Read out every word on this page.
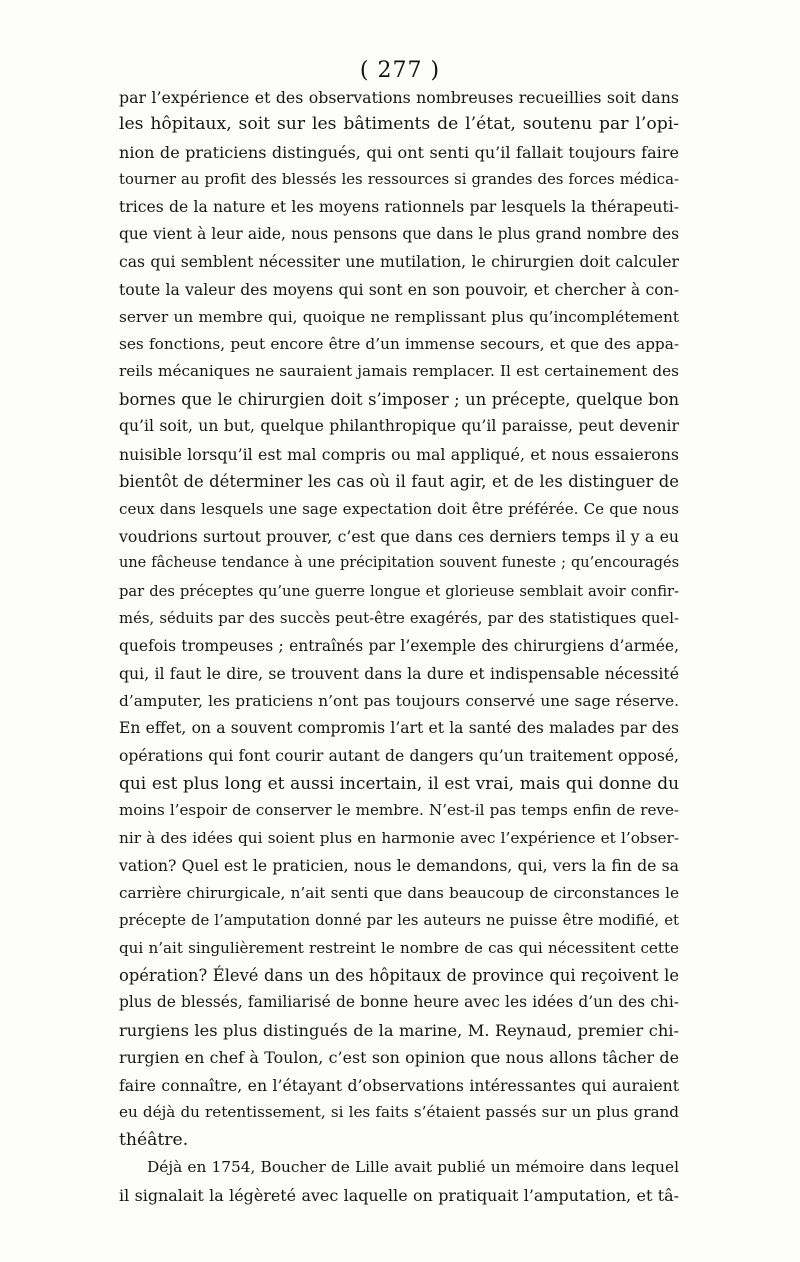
( 277 )
par l’expérience et des observations nombreuses recueillies soit dans
les hôpitaux, soit sur les bâtiments de l’état, soutenu par l’opi-
nion de praticiens distingués, qui ont senti qu’il fallait toujours faire
tourner au profit des blessés les ressources si grandes des forces médica-
trices de la nature et les moyens rationnels par lesquels la thérapeuti-
que vient à leur aide, nous pensons que dans le plus grand nombre des
cas qui semblent nécessiter une mutilation, le chirurgien doit calculer
toute la valeur des moyens qui sont en son pouvoir, et chercher à con-
server un membre qui, quoique ne remplissant plus qu’incomplétement
ses fonctions, peut encore être d’un immense secours, et que des appa-
reils mécaniques ne sauraient jamais remplacer. Il est certainement des
bornes que le chirurgien doit s’imposer ; un précepte, quelque bon
qu’il soit, un but, quelque philanthropique qu’il paraisse, peut devenir
nuisible lorsqu’il est mal compris ou mal appliqué, et nous essaierons
bientôt de déterminer les cas où il faut agir, et de les distinguer de
ceux dans lesquels une sage expectation doit être préférée. Ce que nous
voudrions surtout prouver, c’est que dans ces derniers temps il y a eu
une fâcheuse tendance à une précipitation souvent funeste ; qu’encouragés
par des préceptes qu’une guerre longue et glorieuse semblait avoir confir-
més, séduits par des succès peut-être exagérés, par des statistiques quel-
quefois trompeuses ; entraînés par l’exemple des chirurgiens d’armée,
qui, il faut le dire, se trouvent dans la dure et indispensable nécessité
d’amputer, les praticiens n’ont pas toujours conservé une sage réserve.
En effet, on a souvent compromis l’art et la santé des malades par des
opérations qui font courir autant de dangers qu’un traitement opposé,
qui est plus long et aussi incertain, il est vrai, mais qui donne du
moins l’espoir de conserver le membre. N’est-il pas temps enfin de reve-
nir à des idées qui soient plus en harmonie avec l’expérience et l’obser-
vation? Quel est le praticien, nous le demandons, qui, vers la fin de sa
carrière chirurgicale, n’ait senti que dans beaucoup de circonstances le
précepte de l’amputation donné par les auteurs ne puisse être modifié, et
qui n’ait singulièrement restreint le nombre de cas qui nécessitent cette
opération? Élevé dans un des hôpitaux de province qui reçoivent le
plus de blessés, familiarisé de bonne heure avec les idées d’un des chi-
rurgiens les plus distingués de la marine, M. Reynaud, premier chi-
rurgien en chef à Toulon, c’est son opinion que nous allons tâcher de
faire connaître, en l’étayant d’observations intéressantes qui auraient
eu déjà du retentissement, si les faits s’étaient passés sur un plus grand
théâtre.
Déjà en 1754, Boucher de Lille avait publié un mémoire dans lequel
il signalait la légèreté avec laquelle on pratiquait l’amputation, et tâ-
